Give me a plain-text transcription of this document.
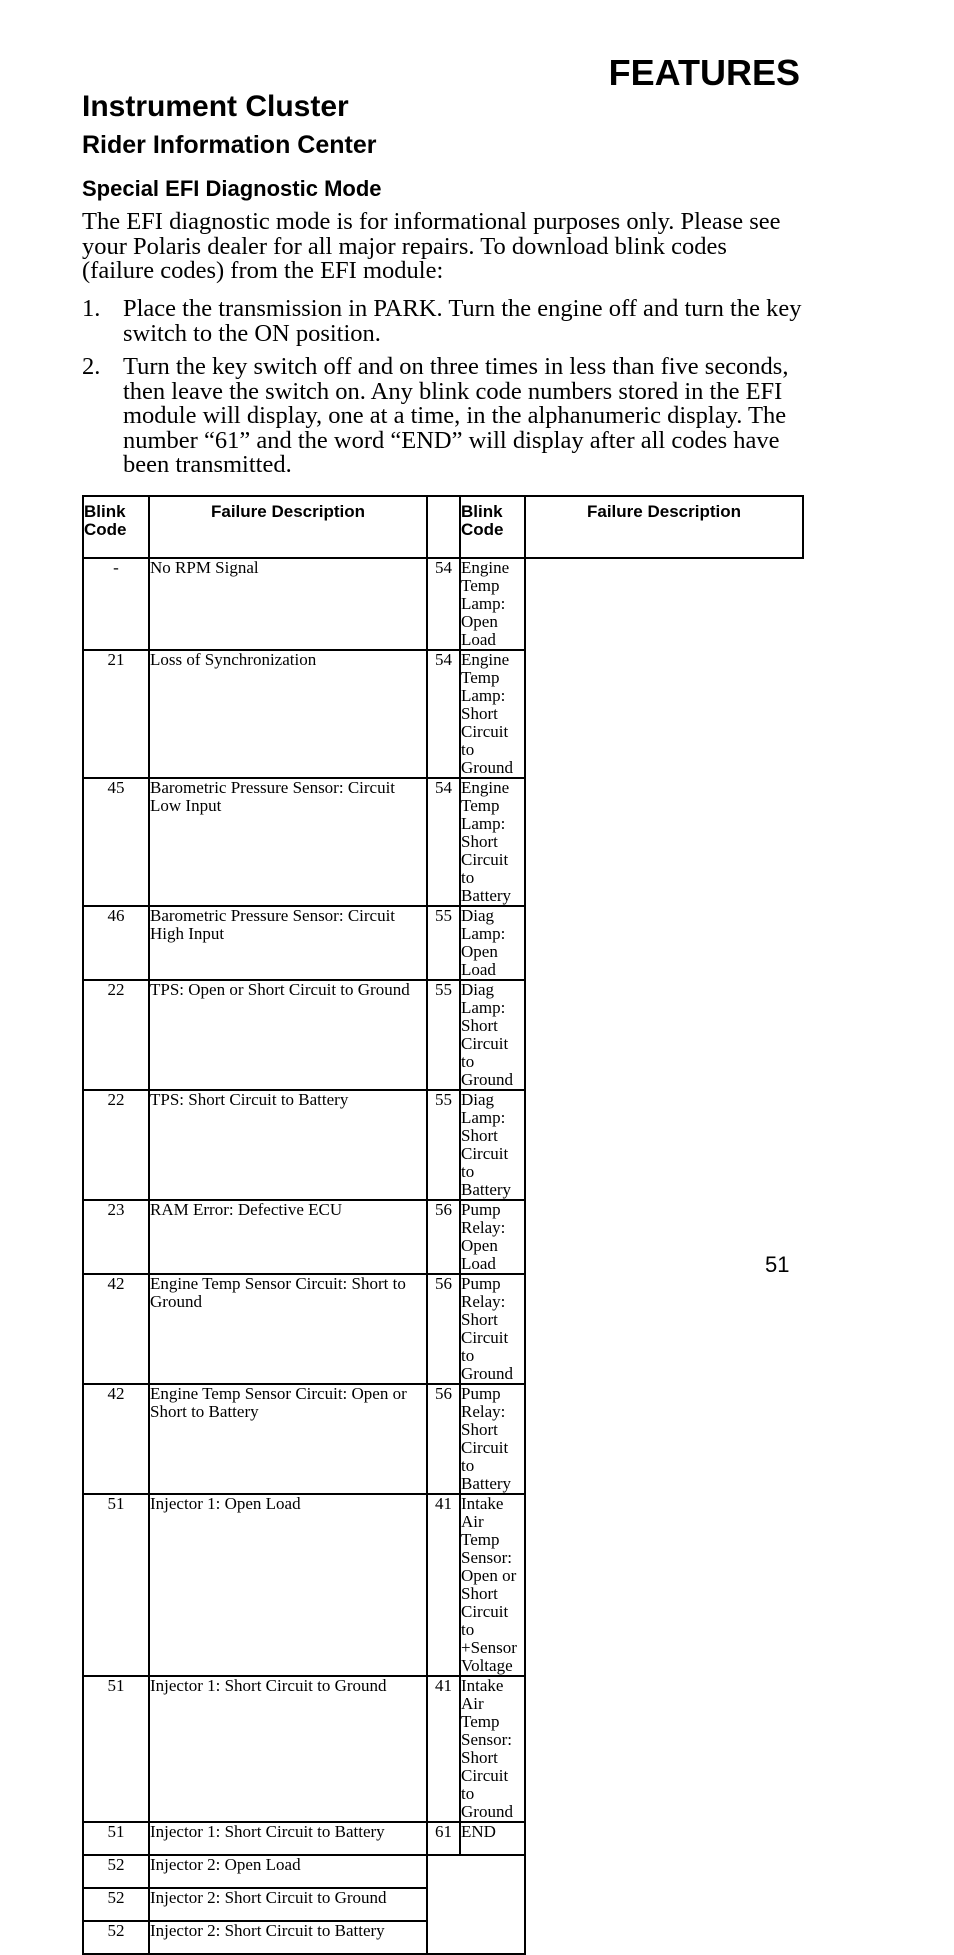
FEATURES
Instrument Cluster
Rider Information Center
Special EFI Diagnostic Mode

The EFI diagnostic mode is for informational purposes only. Please see your Polaris dealer for all major repairs. To download blink codes (failure codes) from the EFI module:

1. Place the transmission in PARK. Turn the engine off and turn the key switch to the ON position.
2. Turn the key switch off and on three times in less than five seconds, then leave the switch on. Any blink code numbers stored in the EFI module will display, one at a time, in the alphanumeric display. The number “61” and the word “END” will display after all codes have been transmitted.
Blink Code	Failure Description		Blink Code	Failure Description
-	No RPM Signal	54	Engine Temp Lamp: Open Load	
21	Loss of Synchronization	54	Engine Temp Lamp: Short Circuit to Ground	
45	Barometric Pressure Sensor: Circuit Low Input	54	Engine Temp Lamp: Short Circuit to Battery	
46	Barometric Pressure Sensor: Circuit High Input	55	Diag Lamp: Open Load	
22	TPS: Open or Short Circuit to Ground	55	Diag Lamp: Short Circuit to Ground	
22	TPS: Short Circuit to Battery	55	Diag Lamp: Short Circuit to Battery	
23	RAM Error: Defective ECU	56	Pump Relay: Open Load	
42	Engine Temp Sensor Circuit: Short to Ground	56	Pump Relay: Short Circuit to Ground	
42	Engine Temp Sensor Circuit: Open or Short to Battery	56	Pump Relay: Short Circuit to Battery	
51	Injector 1: Open Load	41	Intake Air Temp Sensor: Open or Short Circuit to +Sensor Voltage	
51	Injector 1: Short Circuit to Ground	41	Intake Air Temp Sensor: Short Circuit to Ground	
51	Injector 1: Short Circuit to Battery	61	END	
52	Injector 2: Open Load			
52	Injector 2: Short Circuit to Ground			
52	Injector 2: Short Circuit to Battery			
51
